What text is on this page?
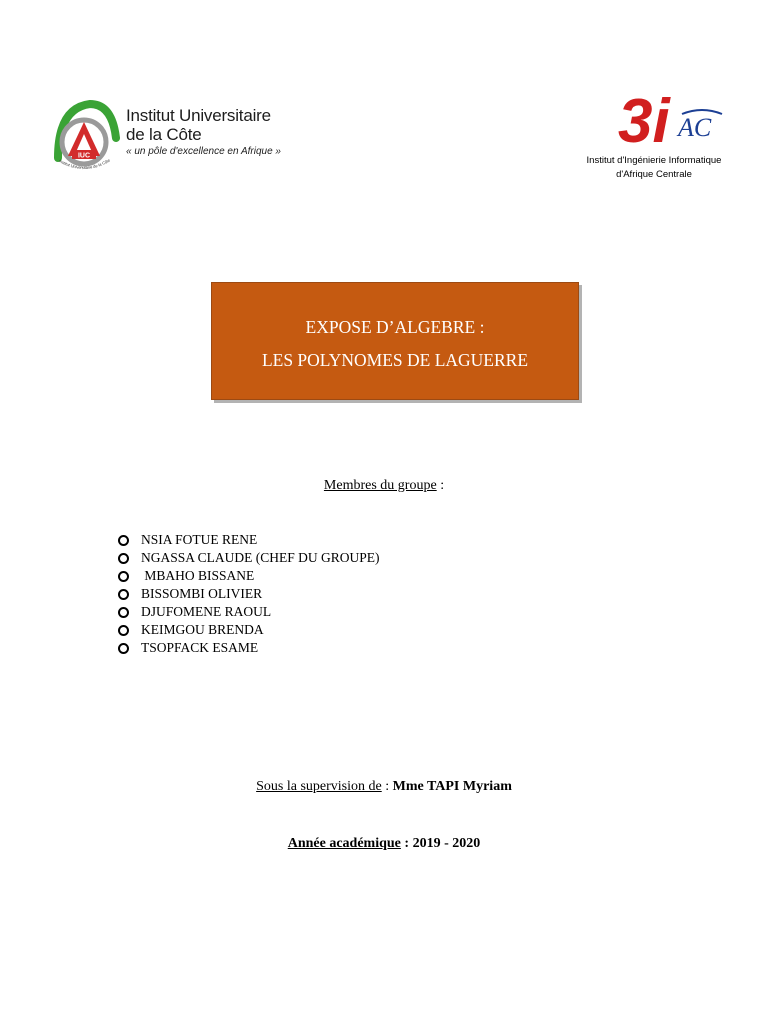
IUC
Institut Universitaire de la Côte
Institut Universitaire
de la Côte
« un pôle d'excellence en Afrique »	3i AC
Institut d'Ingénierie Informatique
d'Afrique Centrale
EXPOSE D’ALGEBRE :
LES POLYNOMES DE LAGUERRE
Membres du groupe :
NSIA FOTUE RENE
NGASSA CLAUDE (CHEF DU GROUPE)
MBAHO BISSANE
BISSOMBI OLIVIER
DJUFOMENE RAOUL
KEIMGOU BRENDA
TSOPFACK ESAME
Sous la supervision de : Mme TAPI Myriam
Année académique : 2019 - 2020
